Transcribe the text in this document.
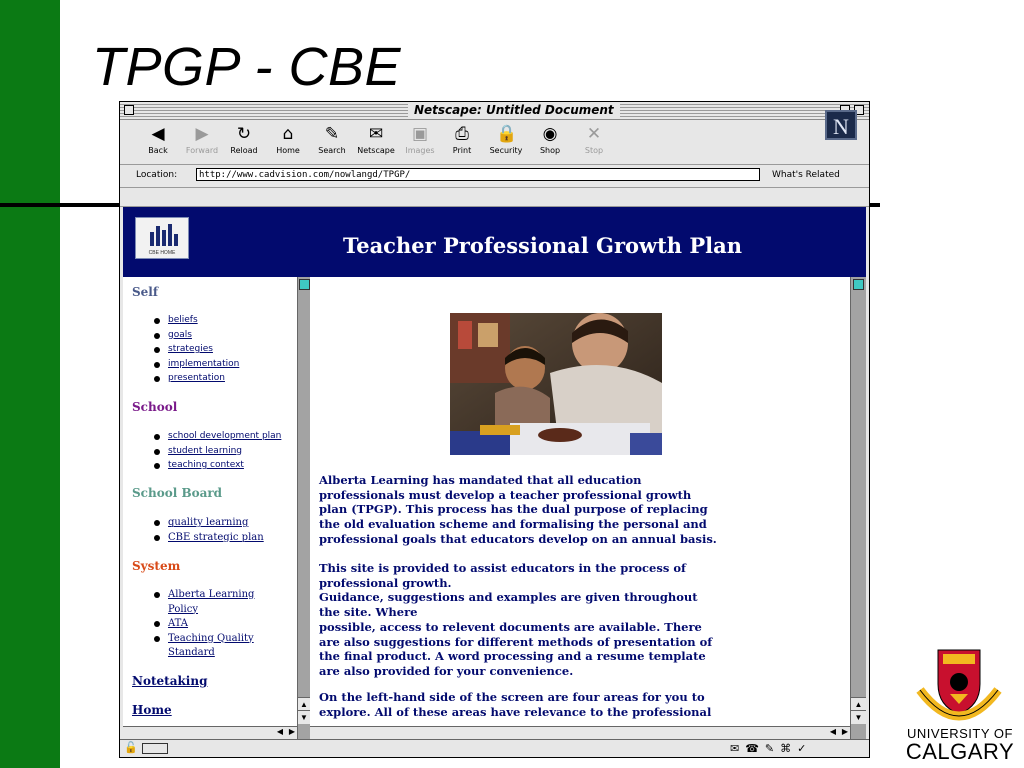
TPGP - CBE
Netscape: Untitled Document
◀
Back
▶
Forward
↻
Reload
⌂
Home
✎
Search
✉
Netscape
▣
Images
⎙
Print
🔒
Security
◉
Shop
✕
Stop
N
Location:	http://www.cadvision.com/nowlangd/TPGP/	What's Related
CBE HOME	Teacher Professional Growth Plan
Self
beliefs
goals
strategies
implementation
presentation
School
school development plan
student learning
teaching context
School Board
quality learning
CBE strategic plan
System
Alberta Learning
Policy
ATA
Teaching Quality
Standard
Notetaking
Home	▲
▼
Alberta Learning has mandated that all education
professionals must develop a teacher professional growth
plan (TPGP). This process has the dual purpose of replacing
the old evaluation scheme and formalising the personal and
professional goals that educators develop on an annual basis.
This site is provided to assist educators in the process of
professional growth.
Guidance, suggestions and examples are given throughout
the site. Where
possible, access to relevent documents are available. There
are also suggestions for different methods of presentation of
the final product. A word processing and a resume template
are also provided for your convenience.
On the left-hand side of the screen are four areas for you to
explore. All of these areas have relevance to the professional
▲
▼
◀ ▶	◀ ▶
🔓	✉☎✎⌘✓
UNIVERSITY OF
CALGARY
